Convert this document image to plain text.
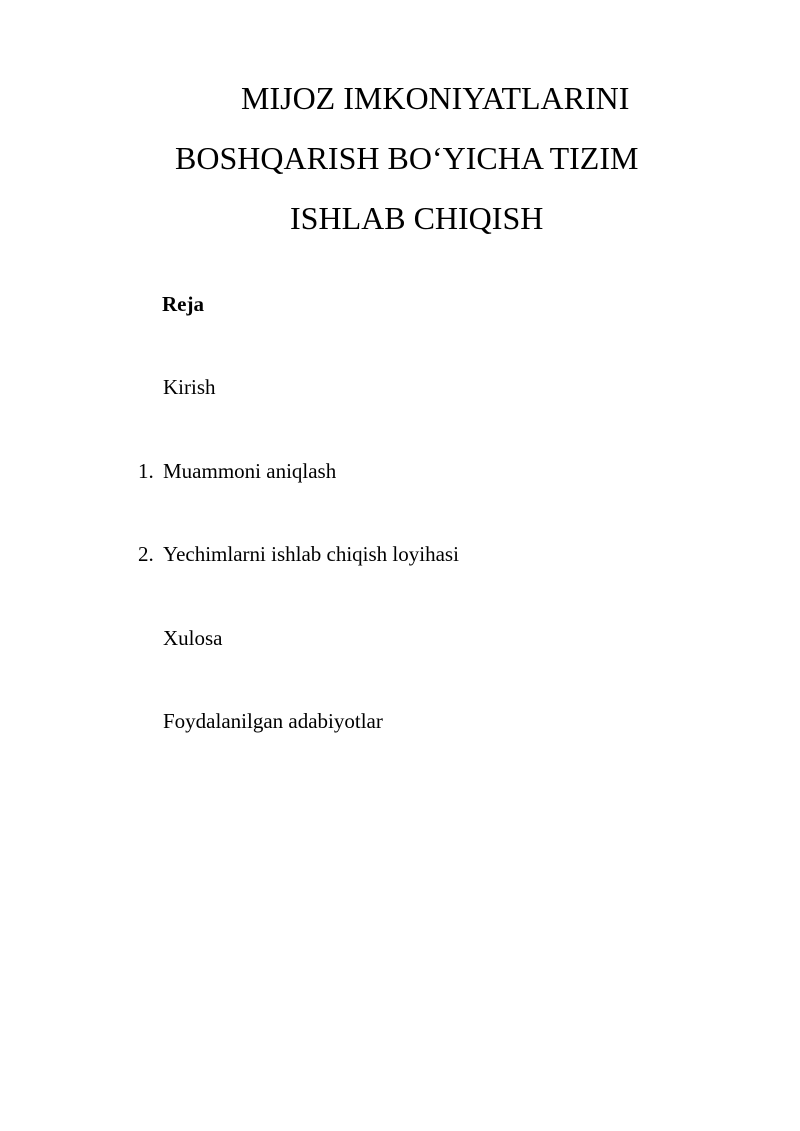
MIJOZ IMKONIYATLARINI
BOSHQARISH BO‘YICHA TIZIM
ISHLAB CHIQISH
Reja
Kirish
1. Muammoni aniqlash
2. Yechimlarni ishlab chiqish loyihasi
Xulosa
Foydalanilgan adabiyotlar
